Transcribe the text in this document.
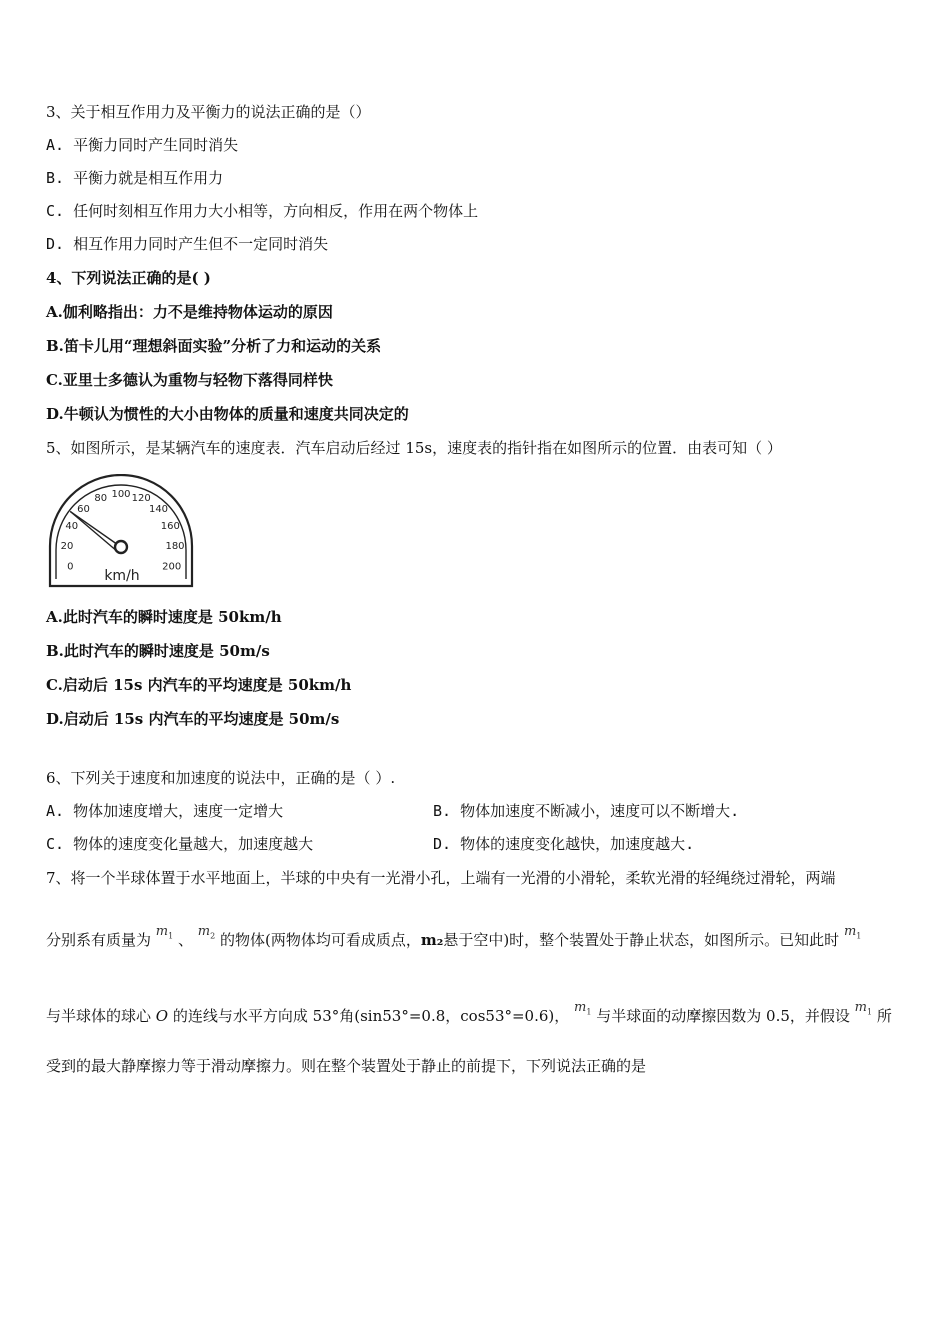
3、关于相互作用力及平衡力的说法正确的是（）
A. 平衡力同时产生同时消失
B. 平衡力就是相互作用力
C. 任何时刻相互作用力大小相等，方向相反，作用在两个物体上
D. 相互作用力同时产生但不一定同时消失
4、下列说法正确的是( )
A.伽利略指出：力不是维持物体运动的原因
B.笛卡儿用“理想斜面实验”分析了力和运动的关系
C.亚里士多德认为重物与轻物下落得同样快
D.牛顿认为惯性的大小由物体的质量和速度共同决定的
5、如图所示，是某辆汽车的速度表．汽车启动后经过 15s，速度表的指针指在如图所示的位置．由表可知（ ）
0
20
40
60
80 100 120
140
160
180
200
km/h
A.此时汽车的瞬时速度是 50km/h
B.此时汽车的瞬时速度是 50m/s
C.启动后 15s 内汽车的平均速度是 50km/h
D.启动后 15s 内汽车的平均速度是 50m/s
6、下列关于速度和加速度的说法中，正确的是（ ）.
A. 物体加速度增大，速度一定增大	B. 物体加速度不断减小，速度可以不断增大.
C. 物体的速度变化量越大，加速度越大	D. 物体的速度变化越快，加速度越大.
7、将一个半球体置于水平地面上，半球的中央有一光滑小孔，上端有一光滑的小滑轮，柔软光滑的轻绳绕过滑轮，两端
分别系有质量为 $m_1$ 、 $m_2$ 的物体(两物体均可看成质点，m₂悬于空中)时，整个装置处于静止状态，如图所示。已知此时 $m_1$
与半球体的球心 O 的连线与水平方向成 53°角(sin53°=0.8，cos53°=0.6)， $m_1$ 与半球面的动摩擦因数为 0.5，并假设 $m_1$ 所
受到的最大静摩擦力等于滑动摩擦力。则在整个装置处于静止的前提下，下列说法正确的是
